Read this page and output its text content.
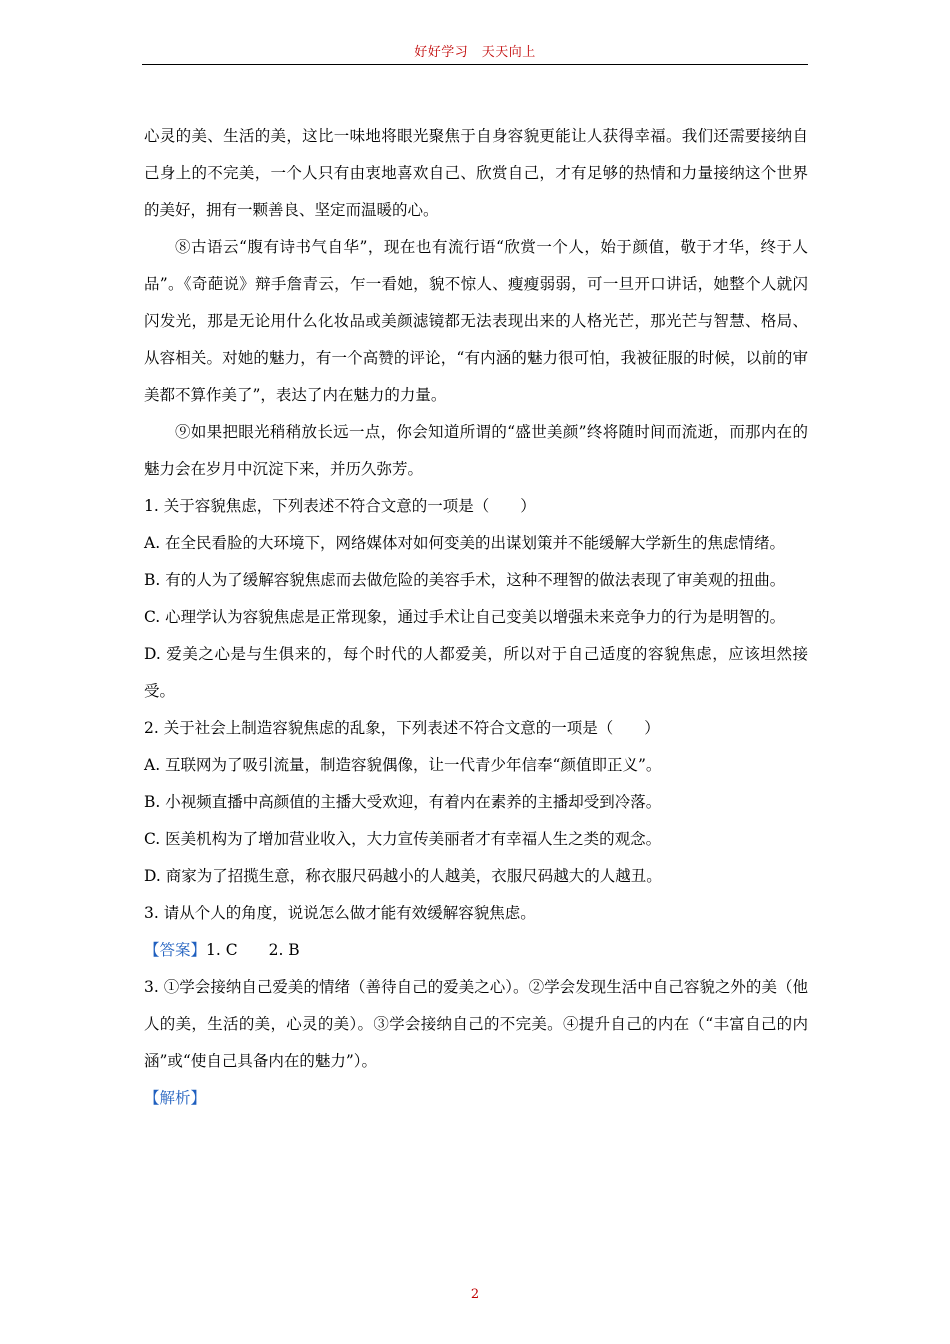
好好学习　天天向上

心灵的美、生活的美，这比一味地将眼光聚焦于自身容貌更能让人获得幸福。我们还需要接纳自己身上的不完美，一个人只有由衷地喜欢自己、欣赏自己，才有足够的热情和力量接纳这个世界的美好，拥有一颗善良、坚定而温暖的心。

⑧古语云“腹有诗书气自华”，现在也有流行语“欣赏一个人，始于颜值，敬于才华，终于人品”。《奇葩说》辩手詹青云，乍一看她，貌不惊人、瘦瘦弱弱，可一旦开口讲话，她整个人就闪闪发光，那是无论用什么化妆品或美颜滤镜都无法表现出来的人格光芒，那光芒与智慧、格局、从容相关。对她的魅力，有一个高赞的评论，“有内涵的魅力很可怕，我被征服的时候，以前的审美都不算作美了”，表达了内在魅力的力量。

⑨如果把眼光稍稍放长远一点，你会知道所谓的“盛世美颜”终将随时间而流逝，而那内在的魅力会在岁月中沉淀下来，并历久弥芳。

1. 关于容貌焦虑，下列表述不符合文意的一项是（　　）

A. 在全民看脸的大环境下，网络媒体对如何变美的出谋划策并不能缓解大学新生的焦虑情绪。

B. 有的人为了缓解容貌焦虑而去做危险的美容手术，这种不理智的做法表现了审美观的扭曲。

C. 心理学认为容貌焦虑是正常现象，通过手术让自己变美以增强未来竞争力的行为是明智的。

D. 爱美之心是与生俱来的，每个时代的人都爱美，所以对于自己适度的容貌焦虑，应该坦然接受。

2. 关于社会上制造容貌焦虑的乱象，下列表述不符合文意的一项是（　　）

A. 互联网为了吸引流量，制造容貌偶像，让一代青少年信奉“颜值即正义”。

B. 小视频直播中高颜值的主播大受欢迎，有着内在素养的主播却受到冷落。

C. 医美机构为了增加营业收入，大力宣传美丽者才有幸福人生之类的观念。

D. 商家为了招揽生意，称衣服尺码越小的人越美，衣服尺码越大的人越丑。

3. 请从个人的角度，说说怎么做才能有效缓解容貌焦虑。

【答案】1. C　　2. B

3. ①学会接纳自己爱美的情绪（善待自己的爱美之心）。②学会发现生活中自己容貌之外的美（他人的美，生活的美，心灵的美）。③学会接纳自己的不完美。④提升自己的内在（“丰富自己的内涵”或“使自己具备内在的魅力”）。

【解析】

2
